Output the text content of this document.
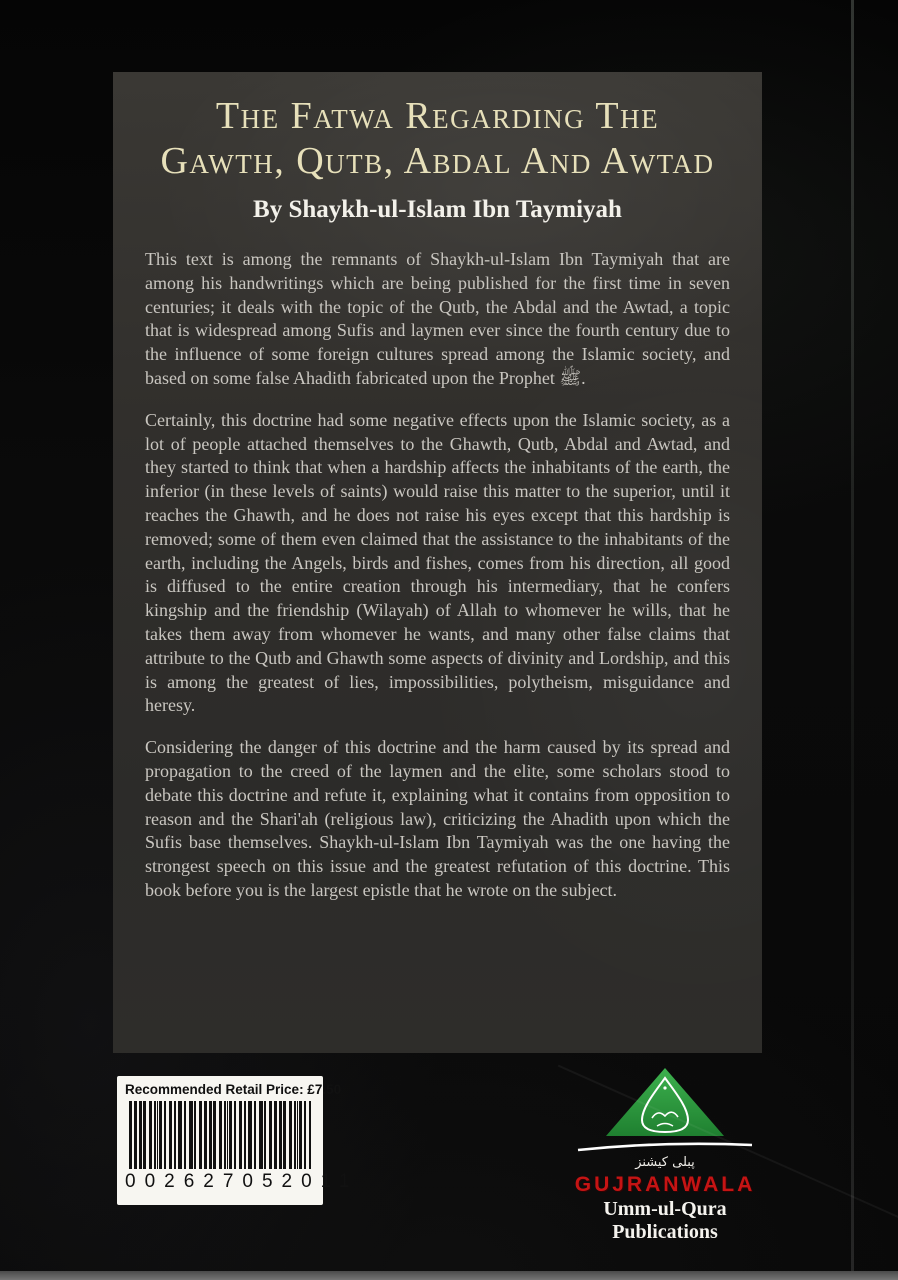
The Fatwa Regarding The
Gawth, Qutb, Abdal And Awtad
By Shaykh-ul-Islam Ibn Taymiyah

This text is among the remnants of Shaykh-ul-Islam Ibn Taymiyah that are among his handwritings which are being published for the first time in seven centuries; it deals with the topic of the Qutb, the Abdal and the Awtad, a topic that is widespread among Sufis and laymen ever since the fourth century due to the influence of some foreign cultures spread among the Islamic society, and based on some false Ahadith fabricated upon the Prophet ﷺ.

Certainly, this doctrine had some negative effects upon the Islamic society, as a lot of people attached themselves to the Ghawth, Qutb, Abdal and Awtad, and they started to think that when a hardship affects the inhabitants of the earth, the inferior (in these levels of saints) would raise this matter to the superior, until it reaches the Ghawth, and he does not raise his eyes except that this hardship is removed; some of them even claimed that the assistance to the inhabitants of the earth, including the Angels, birds and fishes, comes from his direction, all good is diffused to the entire creation through his intermediary, that he confers kingship and the friendship (Wilayah) of Allah to whomever he wills, that he takes them away from whomever he wants, and many other false claims that attribute to the Qutb and Ghawth some aspects of divinity and Lordship, and this is among the greatest of lies, impossibilities, polytheism, misguidance and heresy.

Considering the danger of this doctrine and the harm caused by its spread and propagation to the creed of the laymen and the elite, some scholars stood to debate this doctrine and refute it, explaining what it contains from opposition to reason and the Shari'ah (religious law), criticizing the Ahadith upon which the Sufis base themselves. Shaykh-ul-Islam Ibn Taymiyah was the one having the strongest speech on this issue and the greatest refutation of this doctrine. This book before you is the largest epistle that he wrote on the subject.

Recommended Retail Price: £7.50
002627052011
پبلى كيشنز
GUJRANWALA
Umm-ul-Qura Publications
